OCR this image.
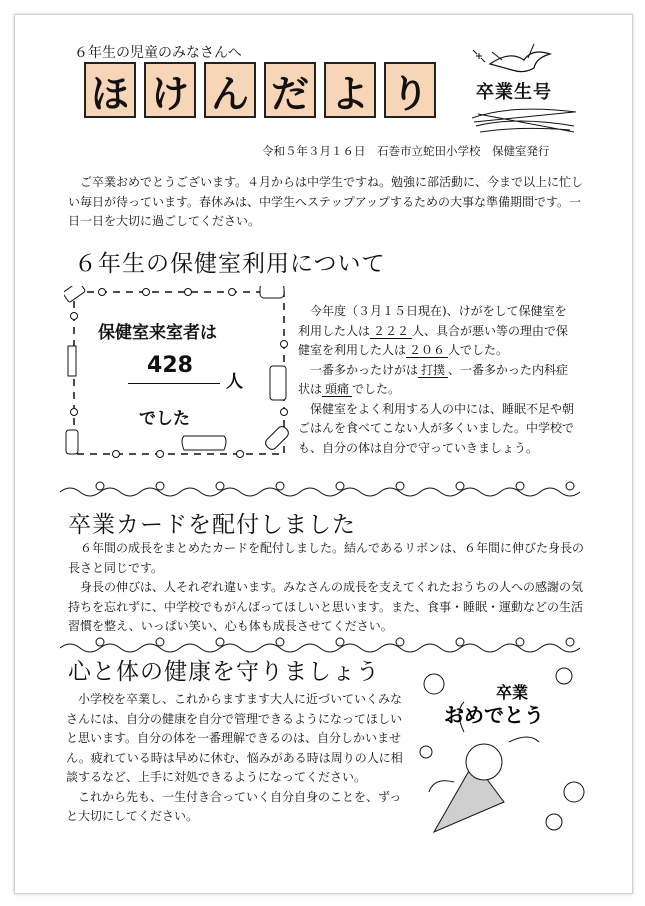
６年生の児童のみなさんへ
ほ け ん だ よ り	卒業生号
令和５年３月１６日　石巻市立蛇田小学校　保健室発行
　ご卒業おめでとうございます。４月からは中学生ですね。勉強に部活動に、今まで以上に忙しい毎日が待っています。春休みは、中学生へステップアップするための大事な準備期間です。一日一日を大切に過ごしてください。
６年生の保健室利用について
保健室来室者は
428
人
でした
　今年度（３月１５日現在)、けがをして保健室を利用した人は ２２２ 人、具合が悪い等の理由で保健室を利用した人は ２０６ 人でした。
　一番多かったけがは 打撲 、一番多かった内科症状は 頭痛 でした。
　保健室をよく利用する人の中には、睡眠不足や朝ごはんを食べてこない人が多くいました。中学校でも、自分の体は自分で守っていきましょう。
卒業カードを配付しました
　６年間の成長をまとめたカードを配付しました。結んであるリボンは、６年間に伸びた身長の長さと同じです。
　身長の伸びは、人それぞれ違います。みなさんの成長を支えてくれたおうちの人への感謝の気持ちを忘れずに、中学校でもがんばってほしいと思います。また、食事・睡眠・運動などの生活習慣を整え、いっぱい笑い、心も体も成長させてください。
心と体の健康を守りましょう
　小学校を卒業し、これからますます大人に近づいていくみなさんには、自分の健康を自分で管理できるようになってほしいと思います。自分の体を一番理解できるのは、自分しかいません。疲れている時は早めに休む、悩みがある時は周りの人に相談するなど、上手に対処できるようになってください。
　これから先も、一生付き合っていく自分自身のことを、ずっと大切にしてください。
卒業
おめでとう
